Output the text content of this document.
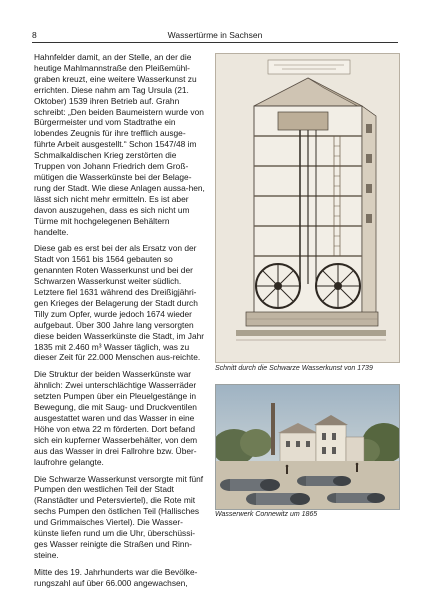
8	Wassertürme in Sachsen

Hahnfelder damit, an der Stelle, an der die heutige Mahlmannstraße den Pleißemühl-graben kreuzt, eine weitere Wasserkunst zu errichten. Diese nahm am Tag Ursula (21. Oktober) 1539 ihren Betrieb auf. Grahn schreibt: „Den beiden Baumeistern wurde von Bürgermeister und vom Stadtrathe ein lobendes Zeugnis für ihre trefflich ausge-führte Arbeit ausgestellt.“ Schon 1547/48 im Schmalkaldischen Krieg zerstörten die Truppen von Johann Friedrich dem Groß-mütigen die Wasserkünste bei der Belage-rung der Stadt. Wie diese Anlagen aussa-hen, lässt sich nicht mehr ermitteln. Es ist aber davon auszugehen, dass es sich nicht um Türme mit hochgelegenen Behältern handelte.

Diese gab es erst bei der als Ersatz von der Stadt von 1561 bis 1564 gebauten so genannten Roten Wasserkunst und bei der Schwarzen Wasserkunst weiter südlich. Letztere fiel 1631 während des Dreißigjähri-gen Krieges der Belagerung der Stadt durch Tilly zum Opfer, wurde jedoch 1674 wieder aufgebaut. Über 300 Jahre lang versorgten diese beiden Wasserkünste die Stadt, im Jahr 1835 mit 2.460 m³ Wasser täglich, was zu dieser Zeit für 22.000 Menschen aus-reichte.

Die Struktur der beiden Wasserkünste war ähnlich: Zwei unterschlächtige Wasserräder setzten Pumpen über ein Pleuelgestänge in Bewegung, die mit Saug- und Druckventilen ausgestattet waren und das Wasser in eine Höhe von etwa 22 m förderten. Dort befand sich ein kupferner Wasserbehälter, von dem aus das Wasser in drei Fallrohre bzw. Über-laufrohre gelangte.

Die Schwarze Wasserkunst versorgte mit fünf Pumpen den westlichen Teil der Stadt (Ranstädter und Petersviertel), die Rote mit sechs Pumpen den östlichen Teil (Hallisches und Grimmaisches Viertel). Die Wasser-künste liefen rund um die Uhr, überschüssi-ges Wasser reinigte die Straßen und Rinn-steine.

Mitte des 19. Jahrhunderts war die Bevölke-rungszahl auf über 66.000 angewachsen,

Schnitt durch die Schwarze Wasserkunst von 1739
Wasserwerk Connewitz um 1865
